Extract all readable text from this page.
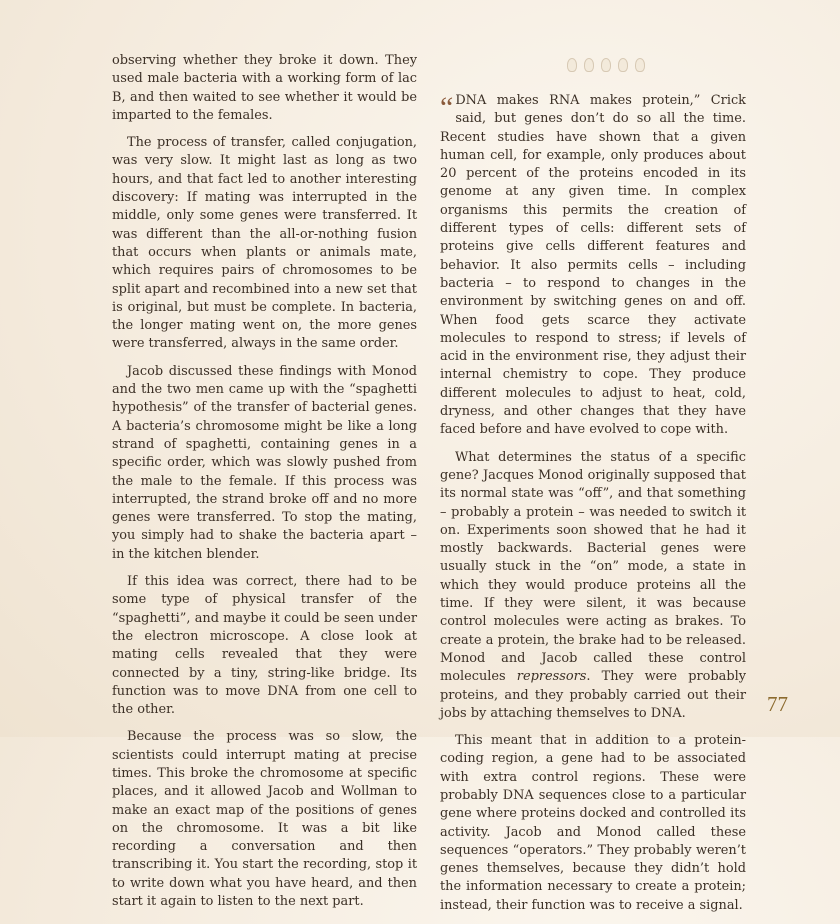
observing whether they broke it down. They used male bacteria with a working form of lac B, and then waited to see whether it would be imparted to the females.

The process of transfer, called conjugation, was very slow. It might last as long as two hours, and that fact led to another interesting discovery: If mating was interrupted in the middle, only some genes were transferred. It was different than the all-or-nothing fusion that occurs when plants or animals mate, which requires pairs of chromosomes to be split apart and recombined into a new set that is original, but must be complete. In bacteria, the longer mating went on, the more genes were transferred, always in the same order.

Jacob discussed these findings with Monod and the two men came up with the “spaghetti hypothesis” of the transfer of bacterial genes. A bacteria’s chromosome might be like a long strand of spaghetti, containing genes in a specific order, which was slowly pushed from the male to the female. If this process was interrupted, the strand broke off and no more genes were transferred. To stop the mating, you simply had to shake the bacteria apart – in the kitchen blender.

If this idea was correct, there had to be some type of physical transfer of the “spaghetti”, and maybe it could be seen under the electron microscope. A close look at mating cells revealed that they were connected by a tiny, string-like bridge. Its function was to move DNA from one cell to the other.

Because the process was so slow, the scientists could interrupt mating at precise times. This broke the chromosome at specific places, and it allowed Jacob and Wollman to make an exact map of the positions of genes on the chromosome. It was a bit like recording a conversation and then transcribing it. You start the recording, stop it to write down what you have heard, and then start it again to listen to the next part.

“ DNA makes RNA makes protein,” Crick said, but genes don’t do so all the time. Recent studies have shown that a given human cell, for example, only produces about 20 percent of the proteins encoded in its genome at any given time. In complex organisms this permits the creation of different types of cells: different sets of proteins give cells different features and behavior. It also permits cells – including bacteria – to respond to changes in the environment by switching genes on and off. When food gets scarce they activate molecules to respond to stress; if levels of acid in the environment rise, they adjust their internal chemistry to cope. They produce different molecules to adjust to heat, cold, dryness, and other changes that they have faced before and have evolved to cope with.

What determines the status of a specific gene? Jacques Monod originally supposed that its normal state was “off”, and that something – probably a protein – was needed to switch it on. Experiments soon showed that he had it mostly backwards. Bacterial genes were usually stuck in the “on” mode, a state in which they would produce proteins all the time. If they were silent, it was because control molecules were acting as brakes. To create a protein, the brake had to be released. Monod and Jacob called these control molecules repressors. They were probably proteins, and they probably carried out their jobs by attaching themselves to DNA.

This meant that in addition to a protein-coding region, a gene had to be associated with extra control regions. These were probably DNA sequences close to a particular gene where proteins docked and controlled its activity. Jacob and Monod called these sequences “operators.” They probably weren’t genes themselves, because they didn’t hold the information necessary to create a protein; instead, their function was to receive a signal.

77
